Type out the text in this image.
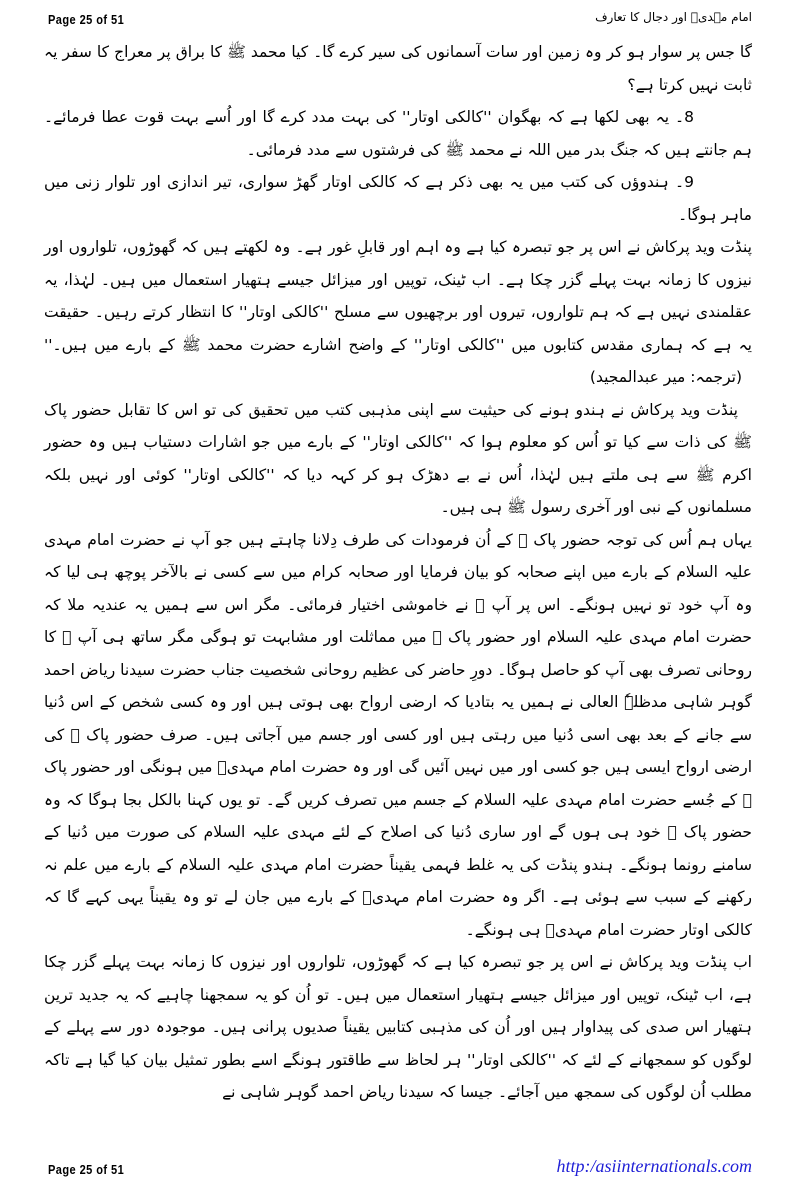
Page 25 of 51	امام مہدیؑ اور دجال کا تعارف

گا جس پر سوار ہو کر وہ زمین اور سات آسمانوں کی سیر کرے گا۔ کیا محمد ﷺ کا براق پر معراج کا سفر یہ ثابت نہیں کرتا ہے؟

8۔ یہ بھی لکھا ہے کہ بھگوان ''کالکی اوتار'' کی بہت مدد کرے گا اور اُسے بہت قوت عطا فرمائے۔ ہم جانتے ہیں کہ جنگ بدر میں اللہ نے محمد ﷺ کی فرشتوں سے مدد فرمائی۔

9۔ ہندوؤں کی کتب میں یہ بھی ذکر ہے کہ کالکی اوتار گھڑ سواری، تیر اندازی اور تلوار زنی میں ماہر ہوگا۔

پنڈت وید پرکاش نے اس پر جو تبصرہ کیا ہے وہ اہم اور قابلِ غور ہے۔ وہ لکھتے ہیں کہ گھوڑوں، تلواروں اور نیزوں کا زمانہ بہت پہلے گزر چکا ہے۔ اب ٹینک، توپیں اور میزائل جیسے ہتھیار استعمال میں ہیں۔ لہٰذا، یہ عقلمندی نہیں ہے کہ ہم تلواروں، تیروں اور برچھیوں سے مسلح ''کالکی اوتار'' کا انتظار کرتے رہیں۔ حقیقت یہ ہے کہ ہماری مقدس کتابوں میں ''کالکی اوتار'' کے واضح اشارے حضرت محمد ﷺ کے بارے میں ہیں۔'' (ترجمہ: میر عبدالمجید)

پنڈت وید پرکاش نے ہندو ہونے کی حیثیت سے اپنی مذہبی کتب میں تحقیق کی تو اس کا تقابل حضور پاک ﷺ کی ذات سے کیا تو اُس کو معلوم ہوا کہ ''کالکی اوتار'' کے بارے میں جو اشارات دستیاب ہیں وہ حضور اکرم ﷺ سے ہی ملتے ہیں لہٰذا، اُس نے بے دھڑک ہو کر کہہ دیا کہ ''کالکی اوتار'' کوئی اور نہیں بلکہ مسلمانوں کے نبی اور آخری رسول ﷺ ہی ہیں۔

یہاں ہم اُس کی توجہ حضور پاک ﷺ کے اُن فرمودات کی طرف دِلانا چاہتے ہیں جو آپ نے حضرت امام مہدی علیہ السلام کے بارے میں اپنے صحابہ کو بیان فرمایا اور صحابہ کرام میں سے کسی نے بالآخر پوچھ ہی لیا کہ وہ آپ خود تو نہیں ہونگے۔ اس پر آپ ﷺ نے خاموشی اختیار فرمائی۔ مگر اس سے ہمیں یہ عندیہ ملا کہ حضرت امام مہدی علیہ السلام اور حضور پاک ﷺ میں مماثلت اور مشابہت تو ہوگی مگر ساتھ ہی آپ ﷺ کا روحانی تصرف بھی آپ کو حاصل ہوگا۔ دورِ حاضر کی عظیم روحانی شخصیت جناب حضرت سیدنا ریاض احمد گوہر شاہی مدظلہٗ العالی نے ہمیں یہ بتادیا کہ ارضی ارواح بھی ہوتی ہیں اور وہ کسی شخص کے اس دُنیا سے جانے کے بعد بھی اسی دُنیا میں رہتی ہیں اور کسی اور جسم میں آجاتی ہیں۔ صرف حضور پاک ﷺ کی ارضی ارواح ایسی ہیں جو کسی اور میں نہیں آئیں گی اور وہ حضرت امام مہدیؑ میں ہونگی اور حضور پاک ﷺ کے جُسے حضرت امام مہدی علیہ السلام کے جسم میں تصرف کریں گے۔ تو یوں کہنا بالکل بجا ہوگا کہ وہ حضور پاک ﷺ خود ہی ہوں گے اور ساری دُنیا کی اصلاح کے لئے مہدی علیہ السلام کی صورت میں دُنیا کے سامنے رونما ہونگے۔ ہندو پنڈت کی یہ غلط فہمی یقیناً حضرت امام مہدی علیہ السلام کے بارے میں علم نہ رکھنے کے سبب سے ہوئی ہے۔ اگر وہ حضرت امام مہدیؑ کے بارے میں جان لے تو وہ یقیناً یہی کہے گا کہ کالکی اوتار حضرت امام مہدیؑ ہی ہونگے۔

اب پنڈت وید پرکاش نے اس پر جو تبصرہ کیا ہے کہ گھوڑوں، تلواروں اور نیزوں کا زمانہ بہت پہلے گزر چکا ہے، اب ٹینک، توپیں اور میزائل جیسے ہتھیار استعمال میں ہیں۔ تو اُن کو یہ سمجھنا چاہیے کہ یہ جدید ترین ہتھیار اس صدی کی پیداوار ہیں اور اُن کی مذہبی کتابیں یقیناً صدیوں پرانی ہیں۔ موجودہ دور سے پہلے کے لوگوں کو سمجھانے کے لئے کہ ''کالکی اوتار'' ہر لحاظ سے طاقتور ہونگے اسے بطور تمثیل بیان کیا گیا ہے تاکہ مطلب اُن لوگوں کی سمجھ میں آجائے۔ جیسا کہ سیدنا ریاض احمد گوہر شاہی نے

Page 25 of 51	http:/asiinternationals.com
